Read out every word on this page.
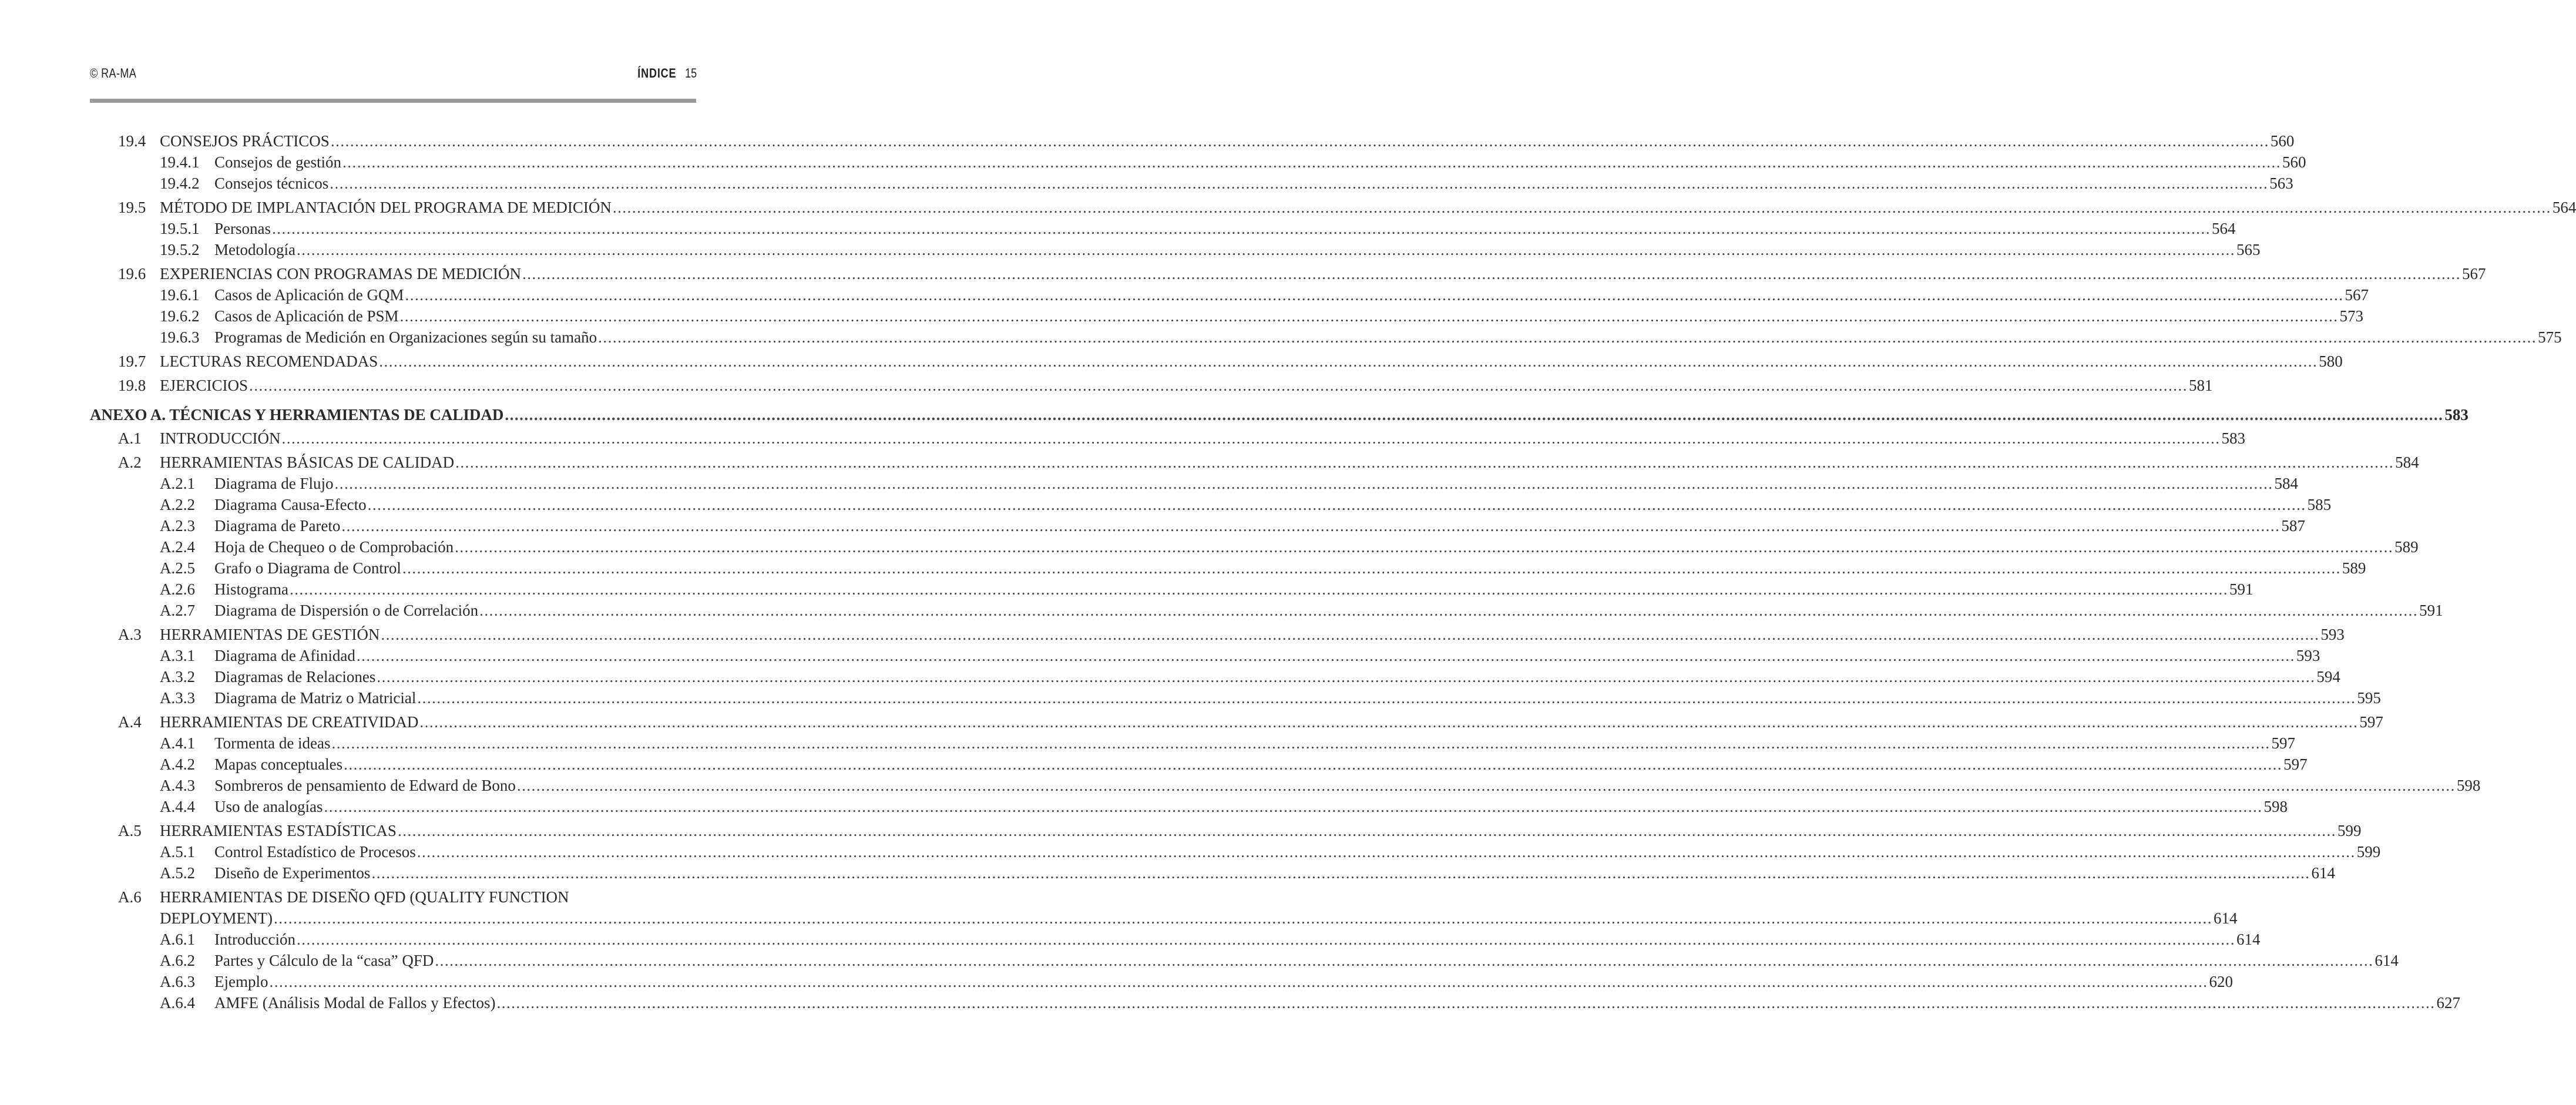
© RA-MA	ÍNDICE 15
19.4 CONSEJOS PRÁCTICOS ................................................................................................................................................................................................................................................................................................................................................................................................................ 560
19.4.1 Consejos de gestión ................................................................................................................................................................................................................................................................................................................................................................................................................ 560
19.4.2 Consejos técnicos ................................................................................................................................................................................................................................................................................................................................................................................................................ 563
19.5 MÉTODO DE IMPLANTACIÓN DEL PROGRAMA DE MEDICIÓN ................................................................................................................................................................................................................................................................................................................................................................................................................ 564
19.5.1 Personas ................................................................................................................................................................................................................................................................................................................................................................................................................ 564
19.5.2 Metodología ................................................................................................................................................................................................................................................................................................................................................................................................................ 565
19.6 EXPERIENCIAS CON PROGRAMAS DE MEDICIÓN ................................................................................................................................................................................................................................................................................................................................................................................................................ 567
19.6.1 Casos de Aplicación de GQM ................................................................................................................................................................................................................................................................................................................................................................................................................ 567
19.6.2 Casos de Aplicación de PSM ................................................................................................................................................................................................................................................................................................................................................................................................................ 573
19.6.3 Programas de Medición en Organizaciones según su tamaño ................................................................................................................................................................................................................................................................................................................................................................................................................ 575
19.7 LECTURAS RECOMENDADAS ................................................................................................................................................................................................................................................................................................................................................................................................................ 580
19.8 EJERCICIOS ................................................................................................................................................................................................................................................................................................................................................................................................................ 581
ANEXO A. TÉCNICAS Y HERRAMIENTAS DE CALIDAD ................................................................................................................................................................................................................................................................................................................................................................................................................ 583
A.1 INTRODUCCIÓN ................................................................................................................................................................................................................................................................................................................................................................................................................ 583
A.2 HERRAMIENTAS BÁSICAS DE CALIDAD ................................................................................................................................................................................................................................................................................................................................................................................................................ 584
A.2.1 Diagrama de Flujo ................................................................................................................................................................................................................................................................................................................................................................................................................ 584
A.2.2 Diagrama Causa-Efecto ................................................................................................................................................................................................................................................................................................................................................................................................................ 585
A.2.3 Diagrama de Pareto ................................................................................................................................................................................................................................................................................................................................................................................................................ 587
A.2.4 Hoja de Chequeo o de Comprobación ................................................................................................................................................................................................................................................................................................................................................................................................................ 589
A.2.5 Grafo o Diagrama de Control ................................................................................................................................................................................................................................................................................................................................................................................................................ 589
A.2.6 Histograma ................................................................................................................................................................................................................................................................................................................................................................................................................ 591
A.2.7 Diagrama de Dispersión o de Correlación ................................................................................................................................................................................................................................................................................................................................................................................................................ 591
A.3 HERRAMIENTAS DE GESTIÓN ................................................................................................................................................................................................................................................................................................................................................................................................................ 593
A.3.1 Diagrama de Afinidad ................................................................................................................................................................................................................................................................................................................................................................................................................ 593
A.3.2 Diagramas de Relaciones ................................................................................................................................................................................................................................................................................................................................................................................................................ 594
A.3.3 Diagrama de Matriz o Matricial ................................................................................................................................................................................................................................................................................................................................................................................................................ 595
A.4 HERRAMIENTAS DE CREATIVIDAD ................................................................................................................................................................................................................................................................................................................................................................................................................ 597
A.4.1 Tormenta de ideas ................................................................................................................................................................................................................................................................................................................................................................................................................ 597
A.4.2 Mapas conceptuales ................................................................................................................................................................................................................................................................................................................................................................................................................ 597
A.4.3 Sombreros de pensamiento de Edward de Bono ................................................................................................................................................................................................................................................................................................................................................................................................................ 598
A.4.4 Uso de analogías ................................................................................................................................................................................................................................................................................................................................................................................................................ 598
A.5 HERRAMIENTAS ESTADÍSTICAS ................................................................................................................................................................................................................................................................................................................................................................................................................ 599
A.5.1 Control Estadístico de Procesos ................................................................................................................................................................................................................................................................................................................................................................................................................ 599
A.5.2 Diseño de Experimentos ................................................................................................................................................................................................................................................................................................................................................................................................................ 614
A.6 HERRAMIENTAS DE DISEÑO QFD (QUALITY FUNCTION
DEPLOYMENT) ................................................................................................................................................................................................................................................................................................................................................................................................................ 614
A.6.1 Introducción ................................................................................................................................................................................................................................................................................................................................................................................................................ 614
A.6.2 Partes y Cálculo de la “casa” QFD ................................................................................................................................................................................................................................................................................................................................................................................................................ 614
A.6.3 Ejemplo ................................................................................................................................................................................................................................................................................................................................................................................................................ 620
A.6.4 AMFE (Análisis Modal de Fallos y Efectos) ................................................................................................................................................................................................................................................................................................................................................................................................................ 627
